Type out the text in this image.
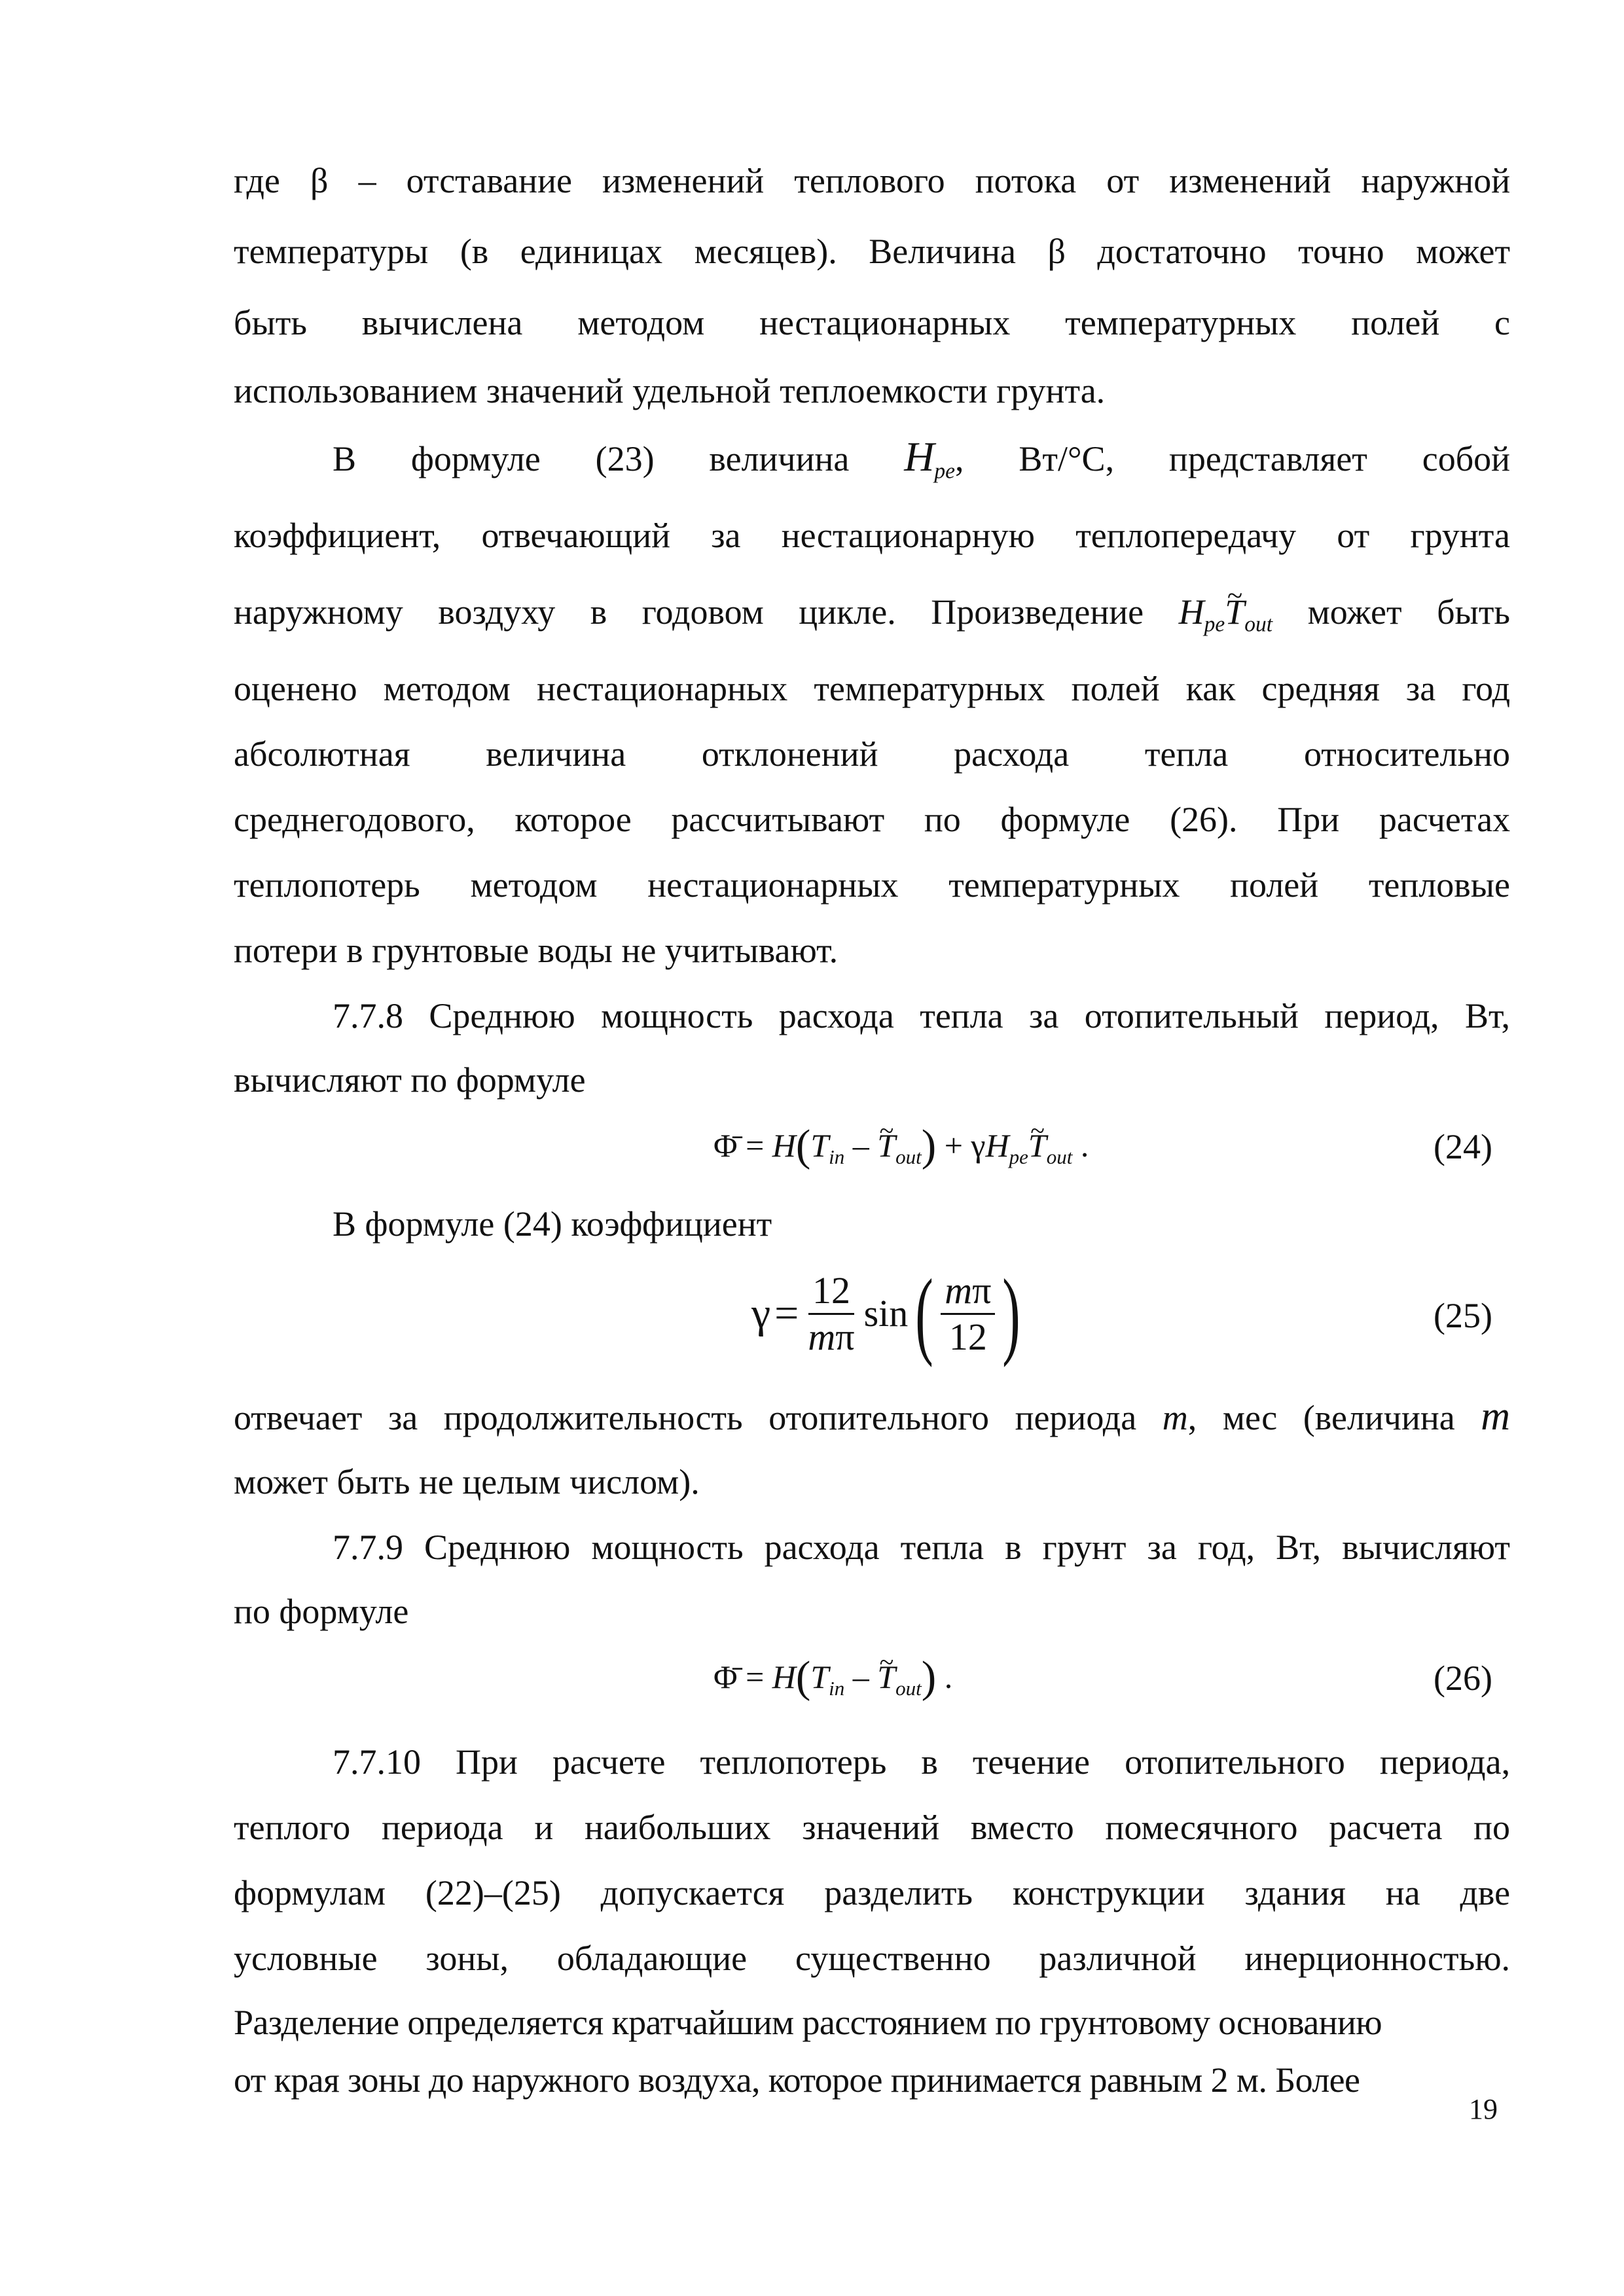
где β – отставание изменений теплового потока от изменений наружной
температуры (в единицах месяцев). Величина β достаточно точно может
быть вычислена методом нестационарных температурных полей с
использованием значений удельной теплоемкости грунта.
В формуле (23) величина $H_{pe}$, Вт/°С, представляет собой
коэффициент, отвечающий за нестационарную теплопередачу от грунта
наружному воздуху в годовом цикле. Произведение $H_{pe}\sim$ $T_{out}$ может быть
оценено методом нестационарных температурных полей как средняя за год
абсолютная величина отклонений расхода тепла относительно
среднегодового, которое рассчитывают по формуле (26). При расчетах
теплопотерь методом нестационарных температурных полей тепловые
потери в грунтовые воды не учитывают.
7.7.8 Среднюю мощность расхода тепла за отопительный период, Вт,
вычисляют по формуле
Φ̄ = $H(T_{in}$ – ~ $T_{out}$) + $\gamma H_{pe}\sim$ $T_{out}$ .	(24)
В формуле (24) коэффициент
$\gamma = \frac{12}{m\pi}$ sin ( $\frac{m\pi}{12}$ )	(25)
отвечает за продолжительность отопительного периода m, мес (величина m
может быть не целым числом).
7.7.9 Среднюю мощность расхода тепла в грунт за год, Вт, вычисляют
по формуле
Φ̄ = $H(T_{in}$ – ~ $T_{out}$) .	(26)
7.7.10 При расчете теплопотерь в течение отопительного периода,
теплого периода и наибольших значений вместо помесячного расчета по
формулам (22)–(25) допускается разделить конструкции здания на две
условные зоны, обладающие существенно различной инерционностью.
Разделение определяется кратчайшим расстоянием по грунтовому основанию
от края зоны до наружного воздуха, которое принимается равным 2 м. Более
19
